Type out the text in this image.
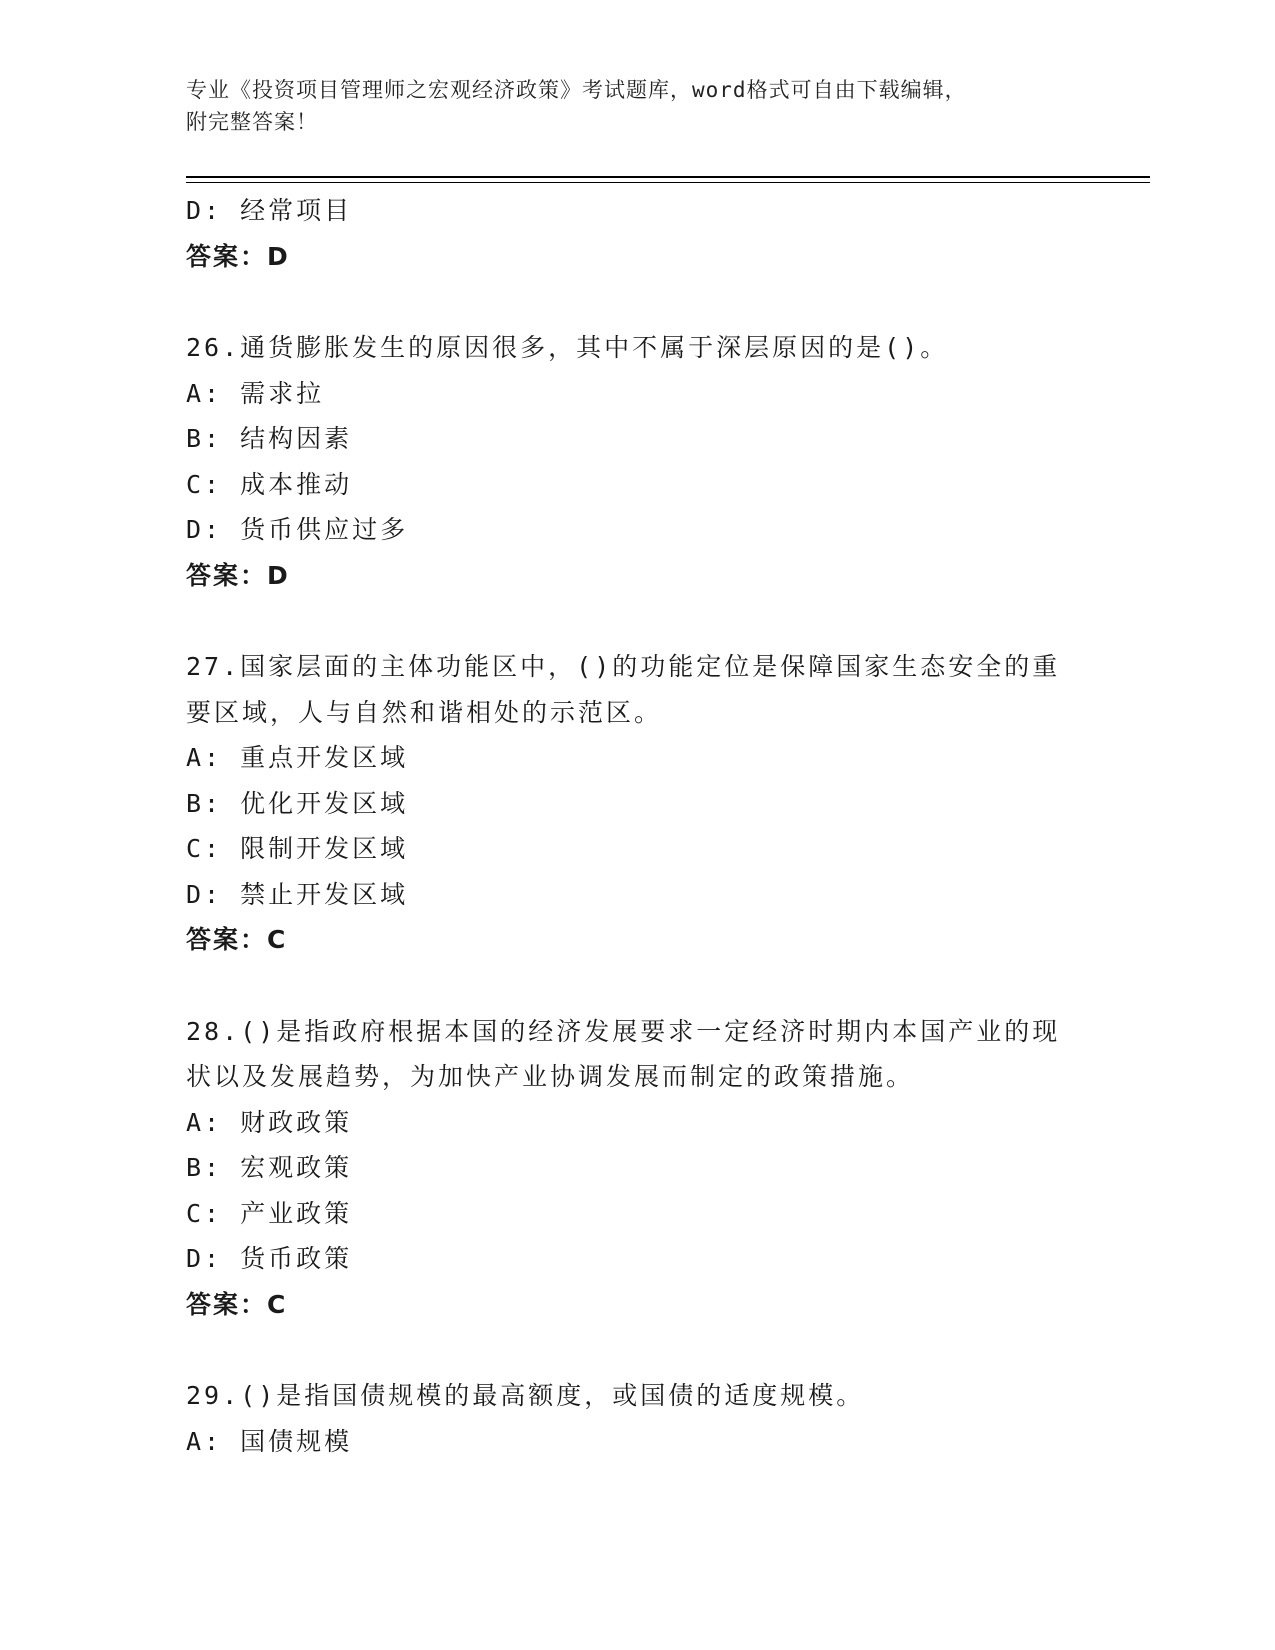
专业《投资项目管理师之宏观经济政策》考试题库，word格式可自由下载编辑，
附完整答案！
D: 经常项目
答案：D
26.通货膨胀发生的原因很多，其中不属于深层原因的是()。
A: 需求拉
B: 结构因素
C: 成本推动
D: 货币供应过多
答案：D
27.国家层面的主体功能区中，()的功能定位是保障国家生态安全的重要区域，人与自然和谐相处的示范区。
A: 重点开发区域
B: 优化开发区域
C: 限制开发区域
D: 禁止开发区域
答案：C
28.()是指政府根据本国的经济发展要求一定经济时期内本国产业的现状以及发展趋势，为加快产业协调发展而制定的政策措施。
A: 财政政策
B: 宏观政策
C: 产业政策
D: 货币政策
答案：C
29.()是指国债规模的最高额度，或国债的适度规模。
A: 国债规模
